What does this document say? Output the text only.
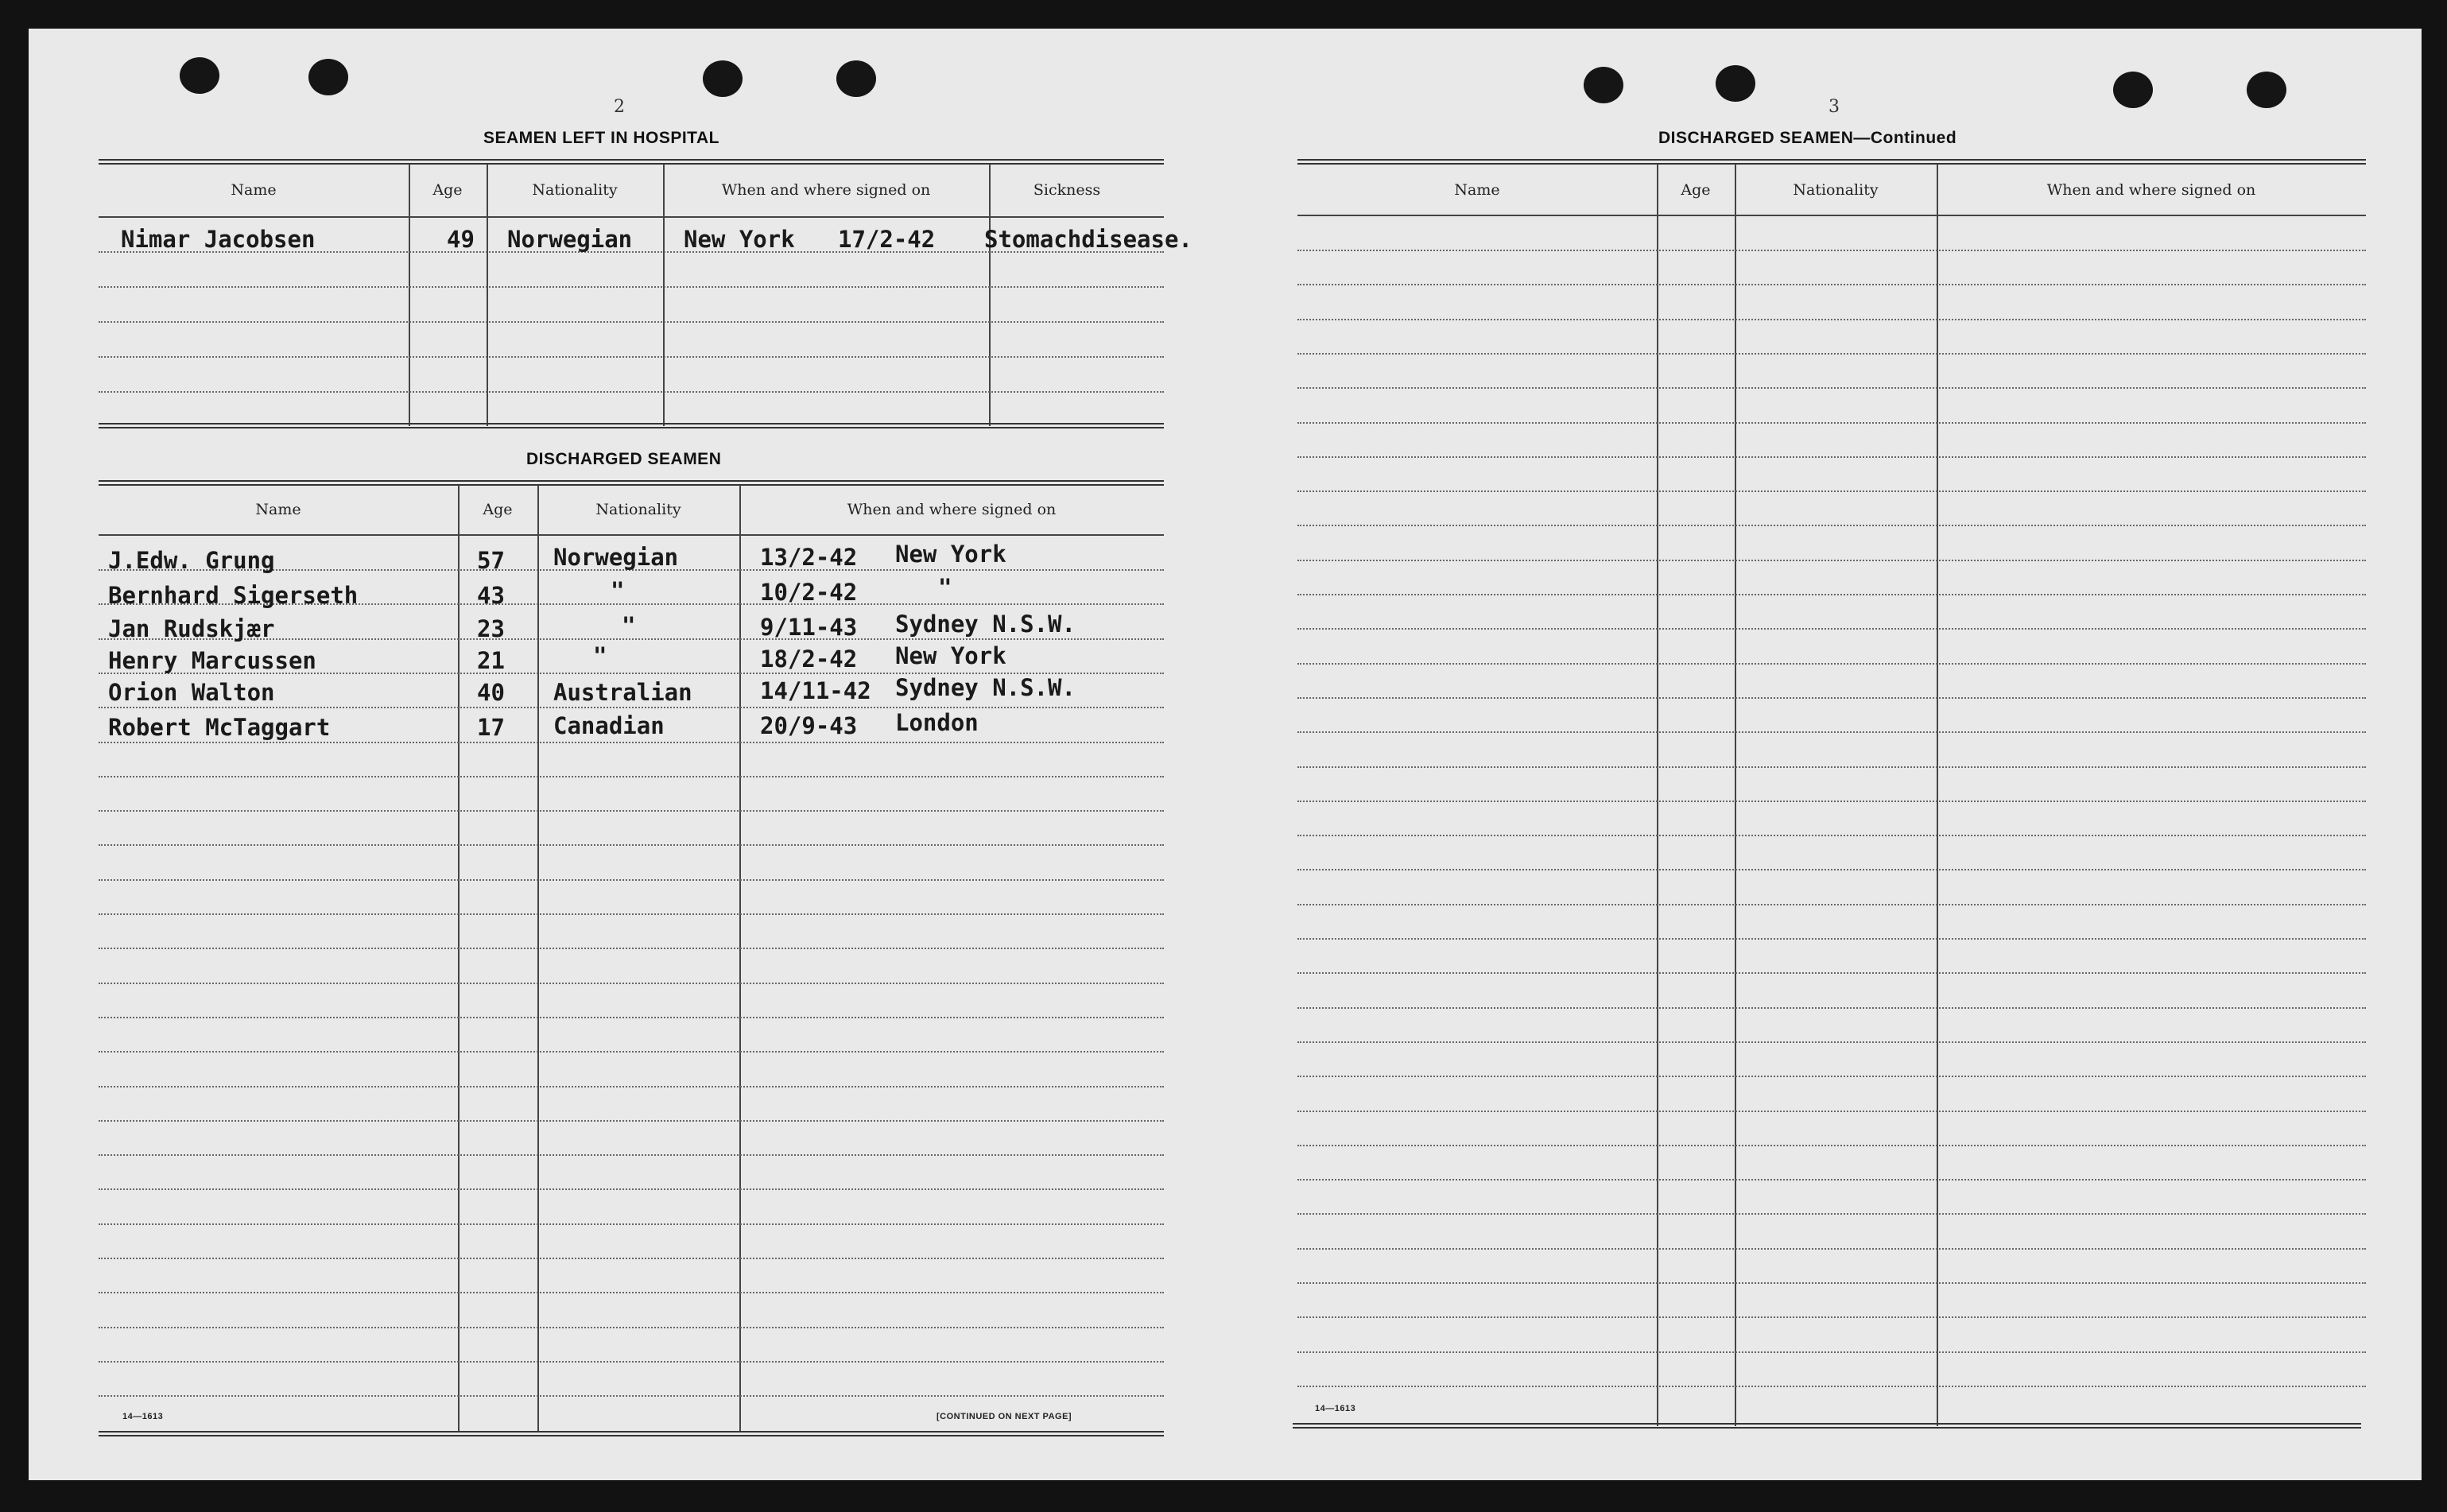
2
SEAMEN LEFT IN HOSPITAL
Name	Age	Nationality	When and where signed on	Sickness
Nimar Jacobsen	49 Norwegian New York 17/2-42 Stomachdisease.
DISCHARGED SEAMEN
Name	Age	Nationality	When and where signed on
J.Edw. Grung	57 Norwegian	13/2-42 New York
Bernhard Sigerseth	43	"	10/2-42	"
Jan Rudskjær	23	"	9/11-43 Sydney N.S.W.
Henry Marcussen	21	"	18/2-42 New York
Orion Walton	40 Australian	14/11-42 Sydney N.S.W.
Robert McTaggart	17 Canadian	20/9-43 London
14—1613	[CONTINUED ON NEXT PAGE]
3
DISCHARGED SEAMEN—Continued
Name	Age	Nationality	When and where signed on
14—1613
